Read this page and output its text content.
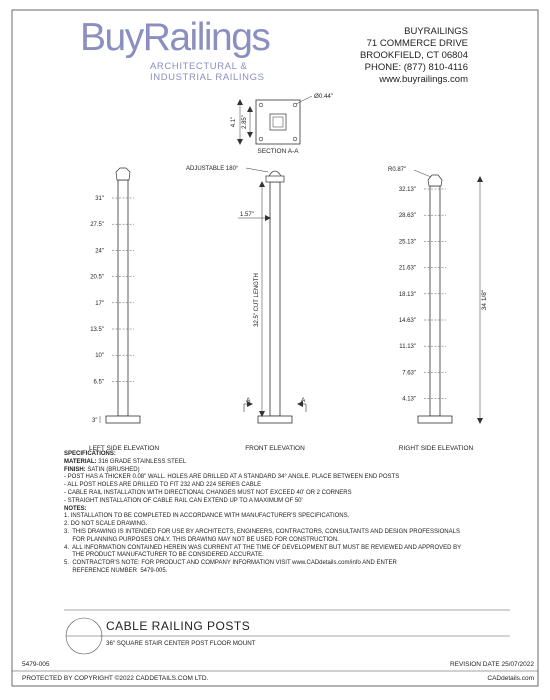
4.1" 2.85"
Ø0.44"
SECTION A-A
31"
27.5"
24"
20.5"
17"
13.5"
10"
6.5"
3"
LEFT SIDE ELEVATION
ADJUSTABLE 180°
1.57"
32.5" CUT LENGTH
A	A
FRONT ELEVATION
32.13"
28.63"
25.13"
21.63"
18.13"
14.63"
11.13"
7.63"
4.13"
R0.87"
34 1/8"
RIGHT SIDE ELEVATION
BuyRailings
ARCHITECTURAL &
INDUSTRIAL RAILINGS
BUYRAILINGS
71 COMMERCE DRIVE
BROOKFIELD, CT 06804
PHONE: (877) 810-4116
www.buyrailings.com
SPECIFICATIONS:
MATERIAL: 316 GRADE STAINLESS STEEL
FINISH: SATIN (BRUSHED)
- POST HAS A THICKER 0.08" WALL. HOLES ARE DRILLED AT A STANDARD 34° ANGLE. PLACE BETWEEN END POSTS
- ALL POST HOLES ARE DRILLED TO FIT 232 AND 224 SERIES CABLE
- CABLE RAIL INSTALLATION WITH DIRECTIONAL CHANGES MUST NOT EXCEED 40' OR 2 CORNERS
- STRAIGHT INSTALLATION OF CABLE RAIL CAN EXTEND UP TO A MAXIMUM OF 50'
NOTES:
1. INSTALLATION TO BE COMPLETED IN ACCORDANCE WITH MANUFACTURER'S SPECIFICATIONS.
2. DO NOT SCALE DRAWING.
3.  THIS DRAWING IS INTENDED FOR USE BY ARCHITECTS, ENGINEERS, CONTRACTORS, CONSULTANTS AND DESIGN PROFESSIONALS
FOR PLANNING PURPOSES ONLY. THIS DRAWING MAY NOT BE USED FOR CONSTRUCTION.
4.  ALL INFORMATION CONTAINED HEREIN WAS CURRENT AT THE TIME OF DEVELOPMENT BUT MUST BE REVIEWED AND APPROVED BY
THE PRODUCT MANUFACTURER TO BE CONSIDERED ACCURATE.
5.  CONTRACTOR'S NOTE: FOR PRODUCT AND COMPANY INFORMATION VISIT www.CADdetails.com/info AND ENTER
REFERENCE NUMBER  5479-005.
CABLE RAILING POSTS
36" SQUARE STAIR CENTER POST FLOOR MOUNT
5479-005	REVISION DATE 25/07/2022
PROTECTED BY COPYRIGHT ©2022 CADDETAILS.COM LTD.	CADdetails.com
